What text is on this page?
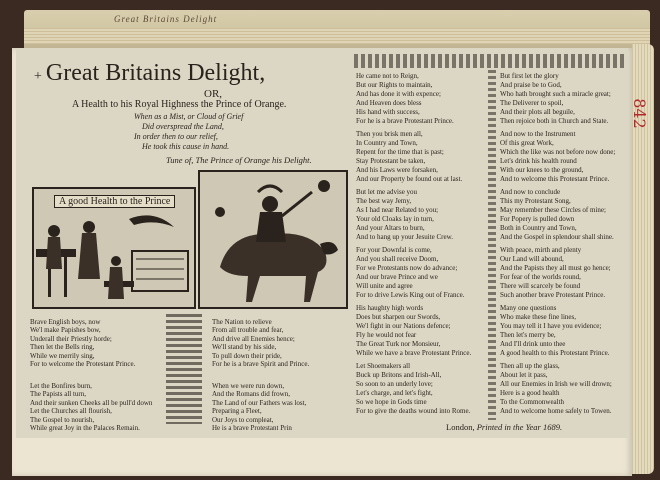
Great Britains Delight
842
+ Great Britains Delight,
OR,
A Health to his Royal Highness the Prince of Orange.
When as a Mist, or Cloud of Grief
Did overspread the Land,
In order then to our relief,
He took this cause in hand.
Tune of, The Prince of Orange his Delight.
A good Health to the Prince
Brave English boys, now
We'l make Papishes bow,
Underall their Priestly horde;
Then let the Bells ring,
While we merrily sing,
For to welcome the Protestant Prince.
Let the Bonfires burn,
The Papists all turn,
And their sunken Cheeks all be pull'd down
Let the Churches all flourish,
The Gospel to nourish,
While great Joy in the Palaces Remain.
The Nation to relieve
From all trouble and fear,
And drive all Enemies hence;
We'll stand by his side,
To pull down their pride,
For he is a brave Spirit and Prince.
When we were run down,
And the Romans did frown,
The Land of our Fathers was lost,
Preparing a Fleet,
Our Joys to compleat,
He is a brave Protestant Prin
He came not to Reign,
But our Rights to maintain,
And has done it with expence;
And Heaven does bless
His hand with success,
For he is a brave Protestant Prince.
Then you brisk men all,
In Country and Town,
Repent for the time that is past;
Stay Protestant be taken,
And his Laws were forsaken,
And our Property be found out at last.
But let me advise you
The best way Jemy,
As I had near Related to you;
Your old Cloaks lay in turn,
And your Altars to burn,
And to hang up your Jesuite Crew.
For your Downfal is come,
And you shall receive Doom,
For we Protestants now do advance;
And our brave Prince and we
Will unite and agree
For to drive Lewis King out of France.
His haughty high words
Does but sharpen our Swords,
We'l fight in our Nations defence;
Fly he would not fear
The Great Turk nor Monsieur,
While we have a brave Protestant Prince.
Let Shoemakers all
Buck up Britons and Irish-All,
So soon to an underly love;
Let's charge, and let's fight,
So we hope in Gods time
For to give the deaths wound into Rome.
But first let the glory
And praise be to God,
Who hath brought such a miracle great;
The Deliverer to spoil,
And their plots all beguile,
Then rejoice both in Church and State.
And now to the Instrument
Of this great Work,
Which the like was not before now done;
Let's drink his health round
With our knees to the ground,
And to welcome this Protestant Prince.
And now to conclude
This my Protestant Song,
May remember these Circles of mine;
For Popery is pulled down
Both in Country and Town,
And the Gospel in splendour shall shine.
With peace, mirth and plenty
Our Land will abound,
And the Papists they all must go hence;
For fear of the worlds round,
There will scarcely be found
Such another brave Protestant Prince.
Many one questions
Who make these fine lines,
You may tell it I have you evidence;
Then let's merry be,
And I'll drink unto thee
A good health to this Protestant Prince.
Then all up the glass,
About let it pass,
All our Enemies in Irish we will drown;
Here is a good health
To the Commonwealth
And to welcome home safely to Towen.
London, Printed in the Year 1689.
